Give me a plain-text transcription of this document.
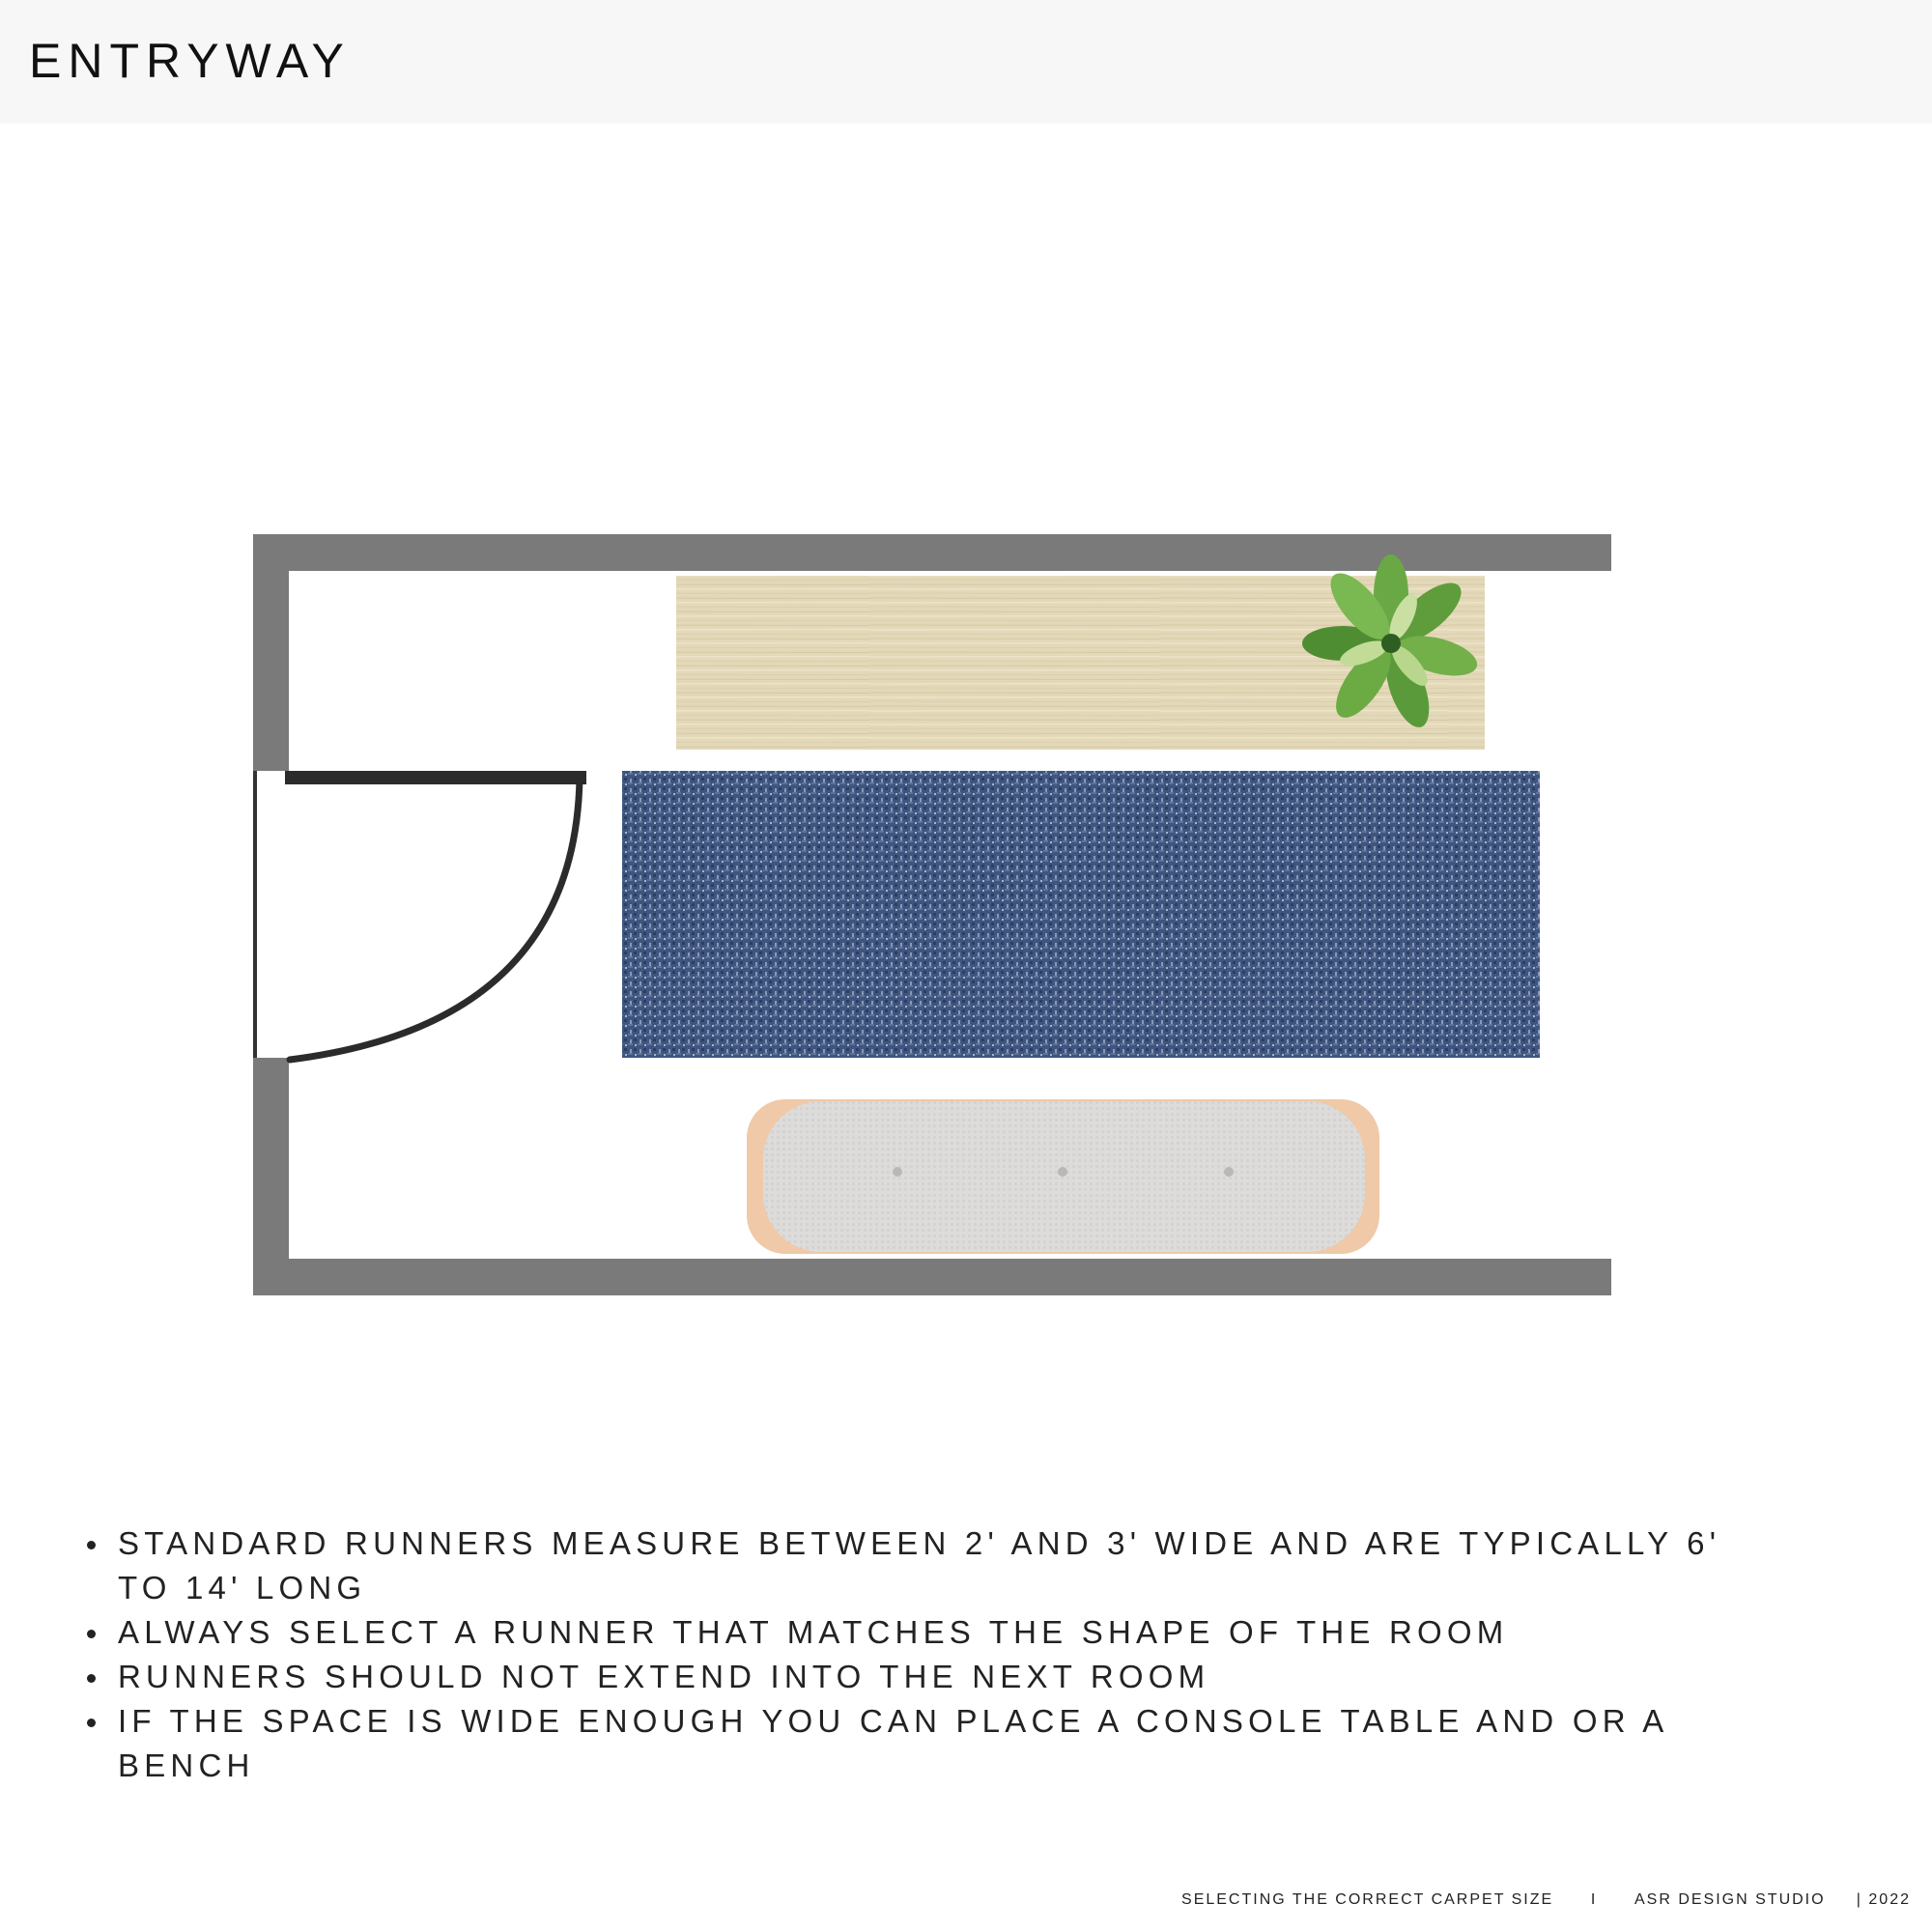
ENTRYWAY
STANDARD RUNNERS MEASURE BETWEEN 2' AND 3' WIDE AND ARE TYPICALLY 6' TO 14' LONG
ALWAYS SELECT A RUNNER THAT MATCHES THE SHAPE OF THE ROOM
RUNNERS SHOULD NOT EXTEND INTO THE NEXT ROOM
IF THE SPACE IS WIDE ENOUGH YOU CAN PLACE A CONSOLE TABLE AND OR A BENCH
SELECTING THE CORRECT CARPET SIZE I ASR DESIGN STUDIO | 2022
